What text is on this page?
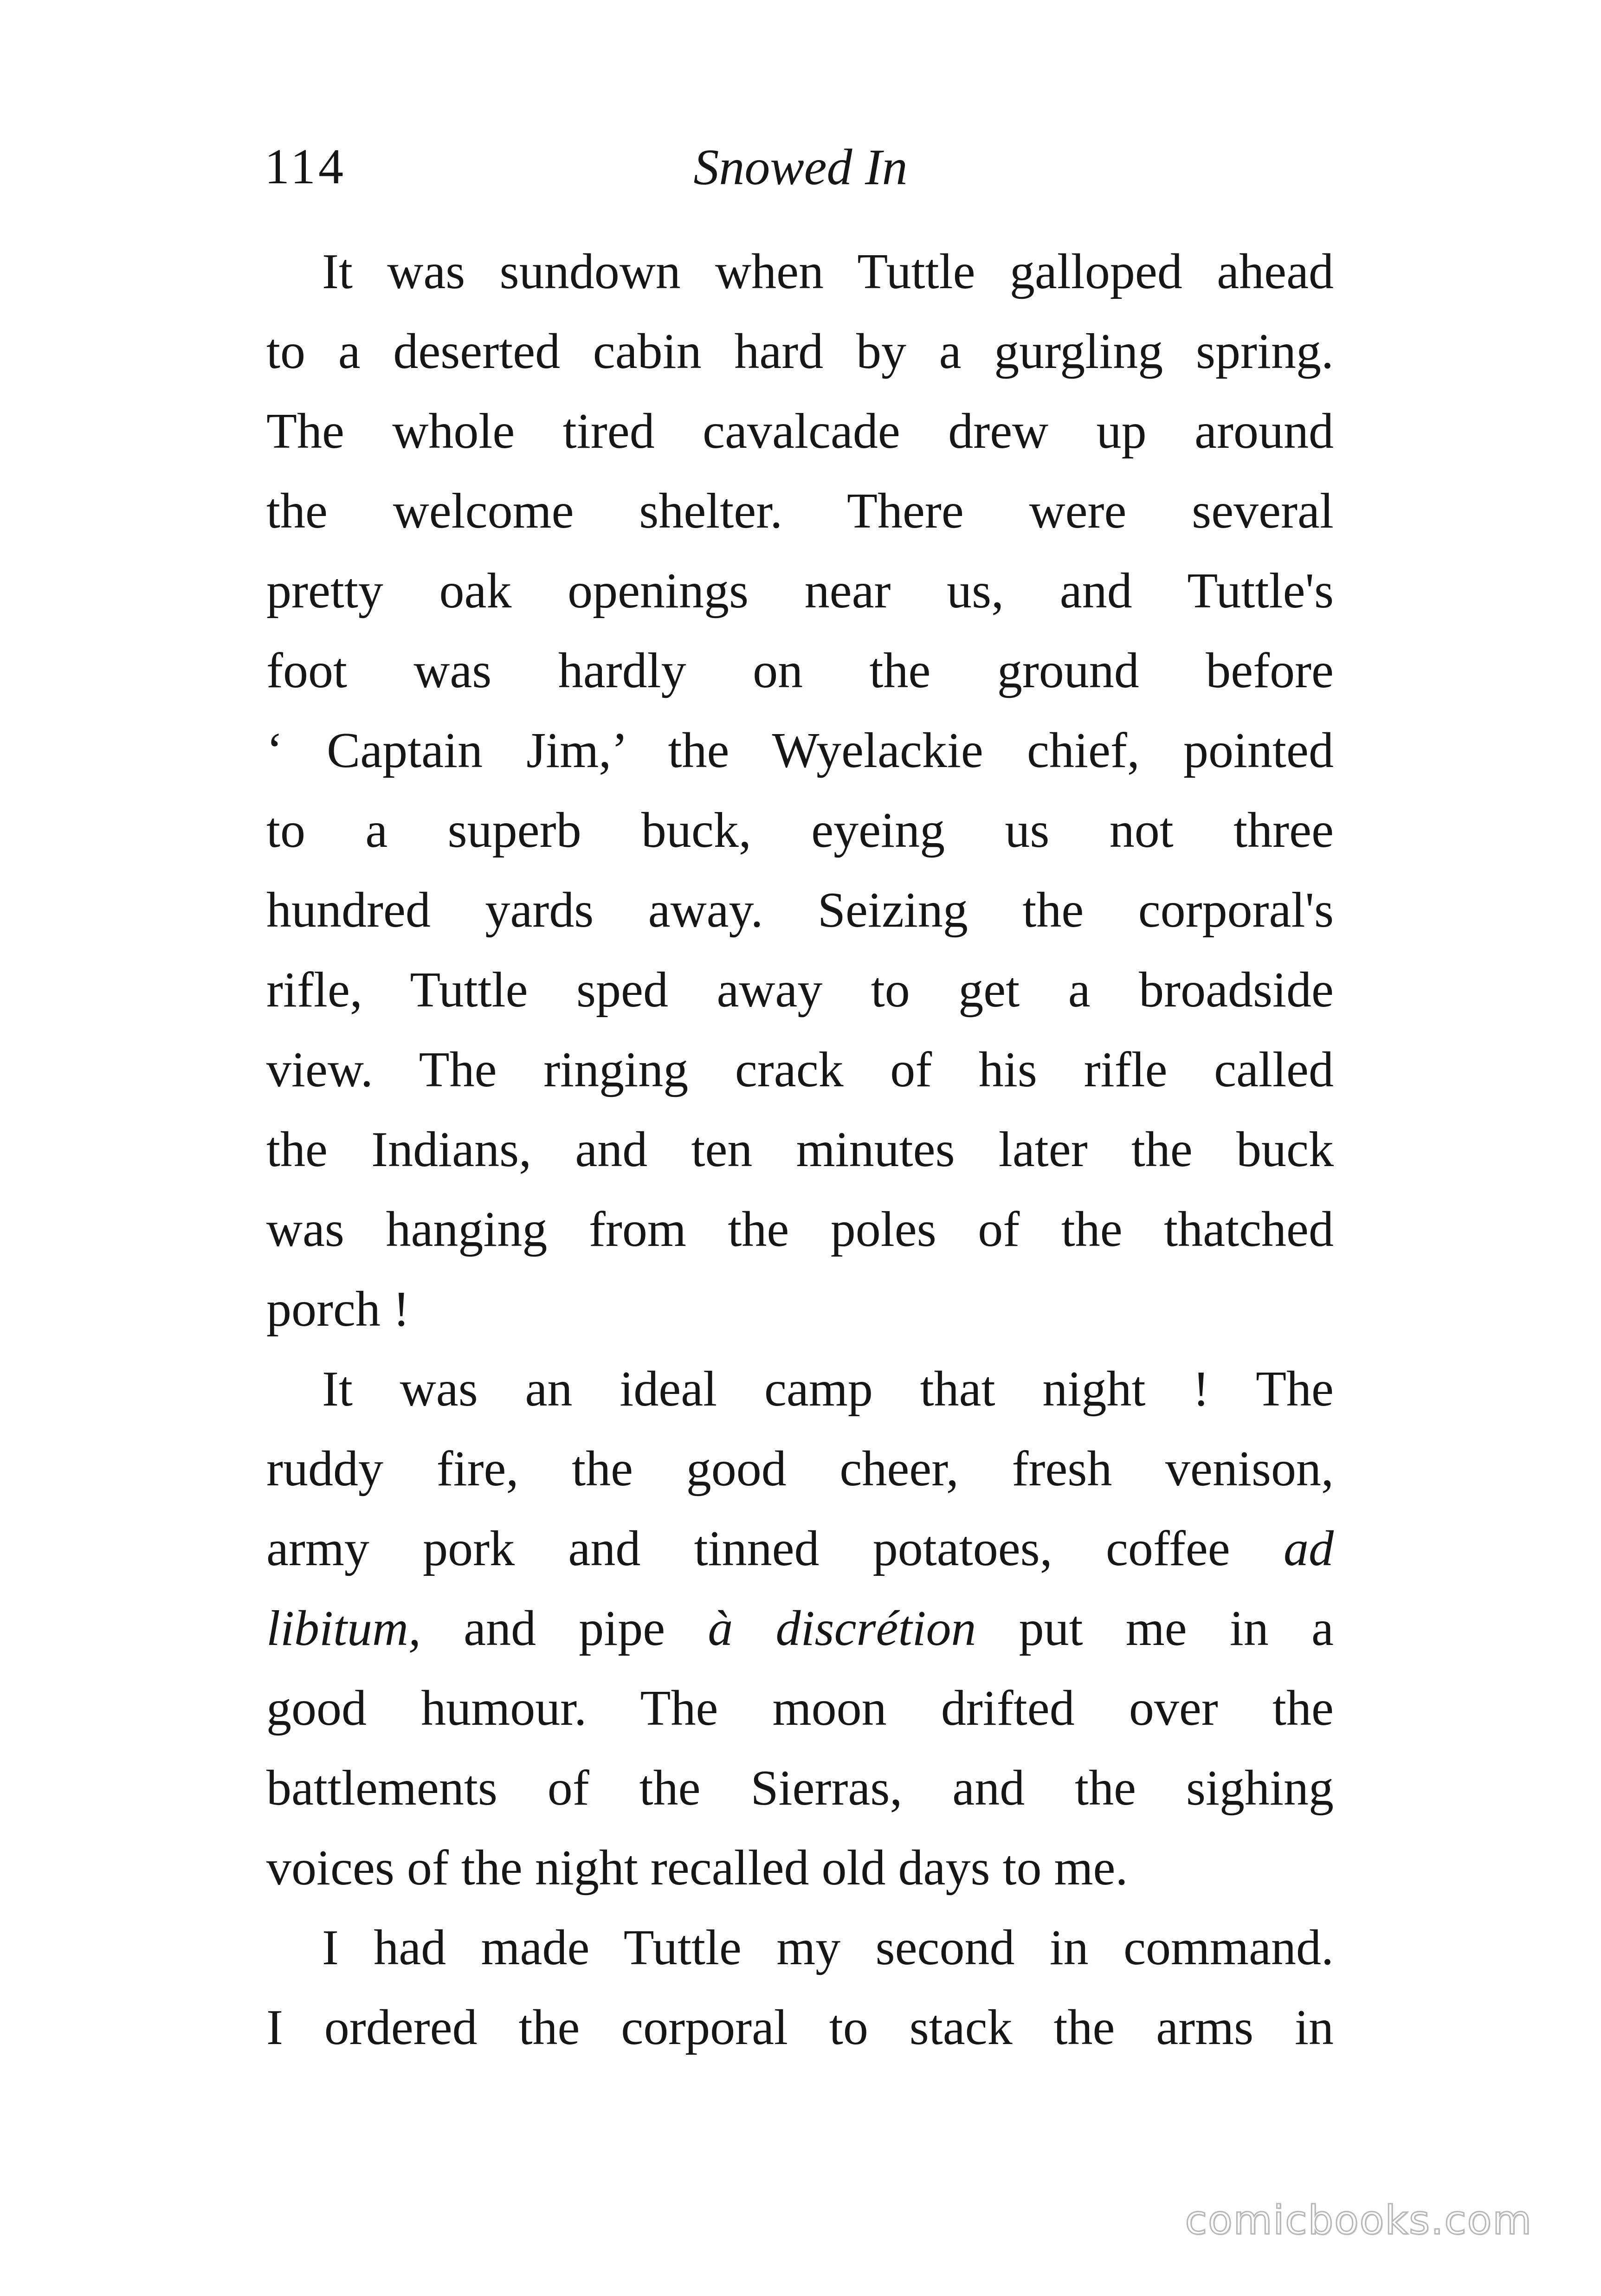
114	Snowed In
It was sundown when Tuttle galloped ahead
to a deserted cabin hard by a gurgling spring.
The whole tired cavalcade drew up around
the welcome shelter. There were several
pretty oak openings near us, and Tuttle's
foot was hardly on the ground before
‘ Captain Jim,’ the Wyelackie chief, pointed
to a superb buck, eyeing us not three
hundred yards away. Seizing the corporal's
rifle, Tuttle sped away to get a broadside
view. The ringing crack of his rifle called
the Indians, and ten minutes later the buck
was hanging from the poles of the thatched
porch !
It was an ideal camp that night ! The
ruddy fire, the good cheer, fresh venison,
army pork and tinned potatoes, coffee ad
libitum, and pipe à discrétion put me in a
good humour. The moon drifted over the
battlements of the Sierras, and the sighing
voices of the night recalled old days to me.
I had made Tuttle my second in command.
I ordered the corporal to stack the arms in
comicbooks.com
